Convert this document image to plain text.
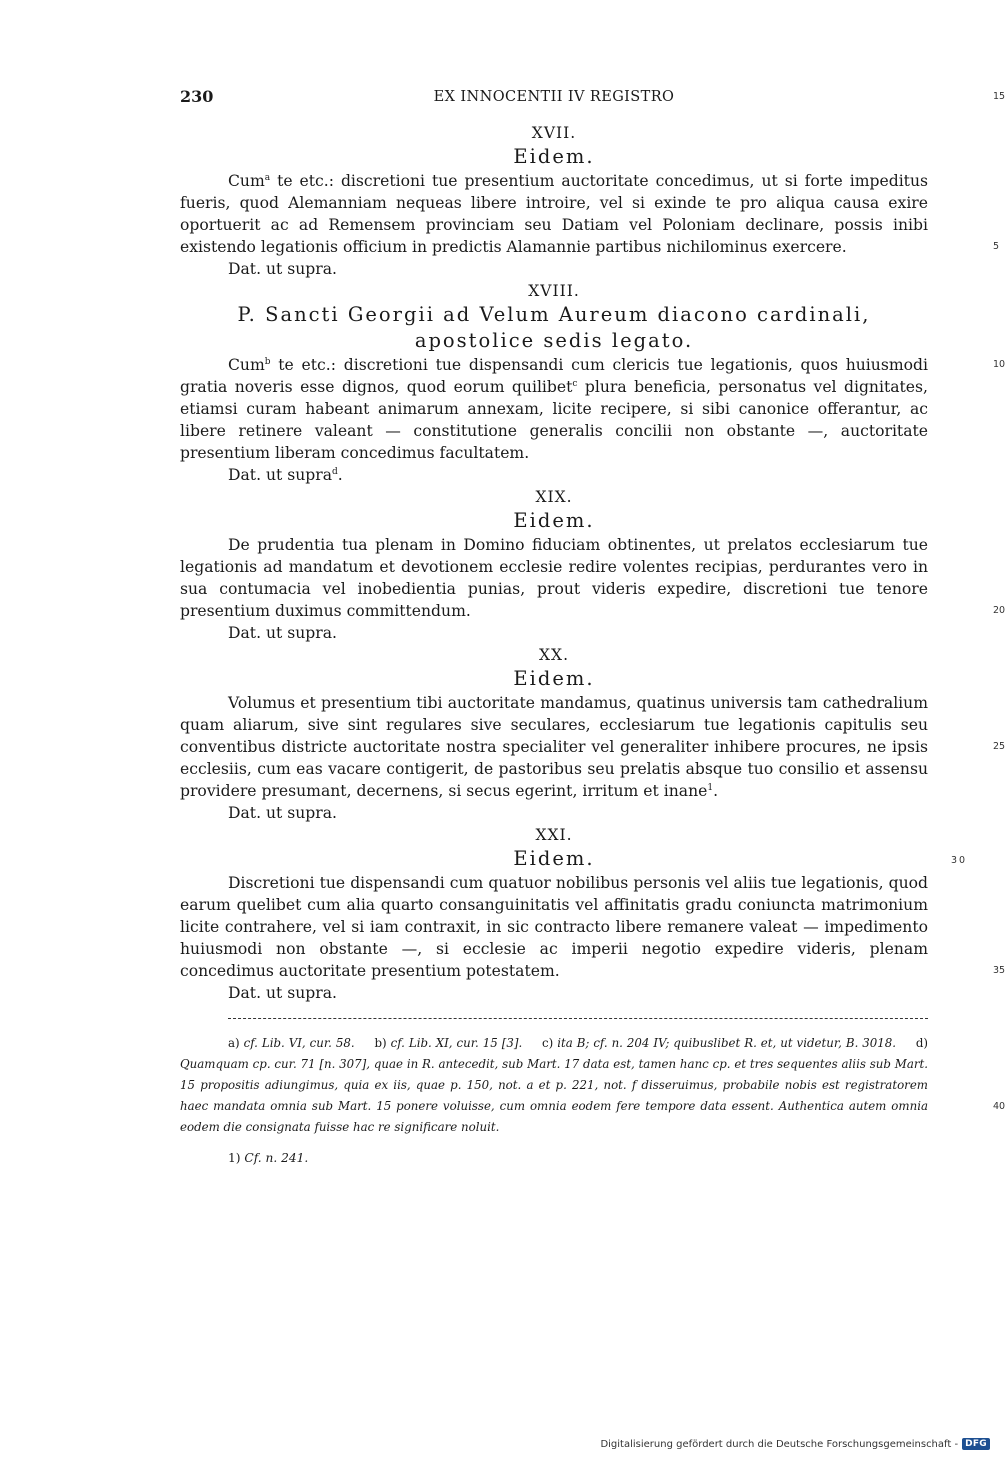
230	EX INNOCENTII IV REGISTRO
XVII.
Eidem.

Cum$^a$ te etc.: discretioni tue presentium auctoritate concedimus, ut si forte impeditus fueris, quod Alemanniam nequeas libere introire, vel si exinde te pro aliqua causa exire oportuerit ac ad Remensem provinciam seu Datiam vel Poloniam declinare, possis inibi existendo legationis officium in predictis Alamannie partibus nichilominus exercere.	5

Dat. ut supra.

XVIII.
P. Sancti Georgii ad Velum Aureum diacono cardinali,
apostolice sedis legato.

Cum$^b$ te etc.: discretioni tue dispensandi cum clericis tue legationis, quos huiusmodi gratia noveris esse dignos, quod eorum quilibet$^c$ plura beneficia, personatus vel dignitates, etiamsi curam habeant animarum annexam, licite recipere, si sibi canonice offerantur, ac libere retinere valeant — constitutione generalis concilii non obstante —, auctoritate presentium liberam concedimus facultatem.
10

Dat. ut supra$^d$.
15

XIX.
Eidem.

De prudentia tua plenam in Domino fiduciam obtinentes, ut prelatos ecclesiarum tue legationis ad mandatum et devotionem ecclesie redire volentes recipias, perdurantes vero in sua contumacia vel inobedientia punias, prout videris expedire, discretioni tue tenore presentium duximus committendum.	20

Dat. ut supra.

XX.
Eidem.

Volumus et presentium tibi auctoritate mandamus, quatinus universis tam cathedralium quam aliarum, sive sint regulares sive seculares, ecclesiarum tue legationis capitulis seu conventibus districte auctoritate nostra specialiter vel generaliter inhibere procures, ne ipsis ecclesiis, cum eas vacare contigerit, de pastoribus seu prelatis absque tuo consilio et assensu providere presumant, decernens, si secus egerint, irritum et inane$^1$.
25

Dat. ut supra.

XXI.
Eidem.	30

Discretioni tue dispensandi cum quatuor nobilibus personis vel aliis tue legationis, quod earum quelibet cum alia quarto consanguinitatis vel affinitatis gradu coniuncta matrimonium licite contrahere, vel si iam contraxit, in sic contracto libere remanere valeat — impedimento huiusmodi non obstante —, si ecclesie ac imperii negotio expedire videris, plenam concedimus auctoritate presentium potestatem.	35

Dat. ut supra.

a) cf. Lib. VI, cur. 58. b) cf. Lib. XI, cur. 15 [3]. c) ita B; cf. n. 204 IV; quibuslibet R. et, ut videtur, B. 3018. d) Quamquam cp. cur. 71 [n. 307], quae in R. antecedit, sub Mart. 17 data est, tamen hanc cp. et tres sequentes aliis sub Mart. 15 propositis adiungimus, quia ex iis, quae p. 150, not. a et p. 221, not. f disseruimus, probabile nobis est registratorem haec mandata omnia sub Mart. 15 ponere voluisse, cum omnia eodem fere tempore data essent. Authentica autem omnia eodem die consignata fuisse hac re significare noluit.
40

1) Cf. n. 241.

Digitalisierung gefördert durch die Deutsche Forschungsgemeinschaft - DFG
